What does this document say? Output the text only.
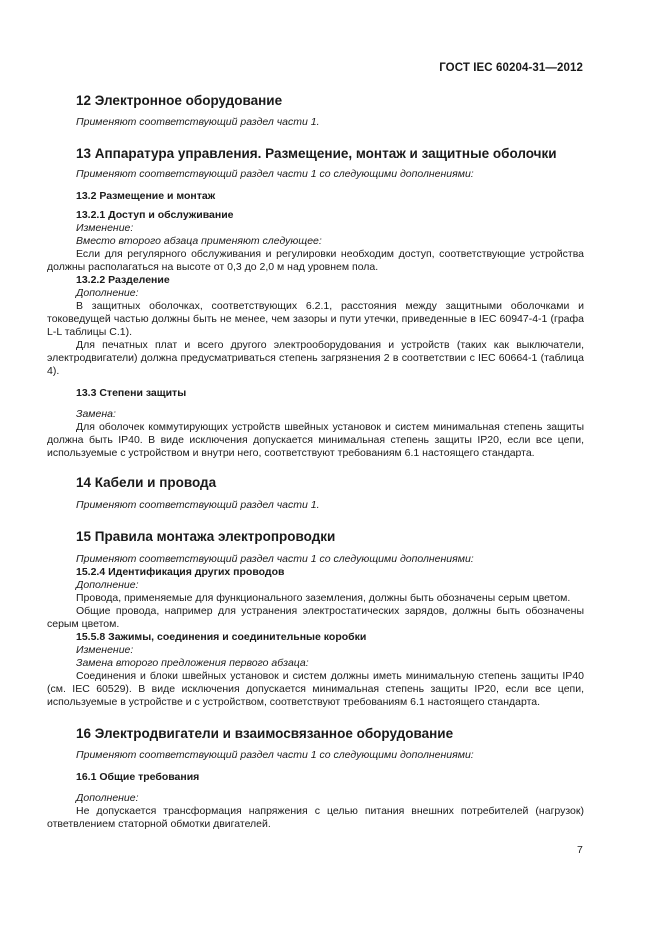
ГОСТ IEC 60204-31—2012

12 Электронное оборудование

Применяют соответствующий раздел части 1.

13 Аппаратура управления. Размещение, монтаж и защитные оболочки

Применяют соответствующий раздел части 1 со следующими дополнениями:

13.2 Размещение и монтаж

13.2.1 Доступ и обслуживание

Изменение:

Вместо второго абзаца применяют следующее:

Если для регулярного обслуживания и регулировки необходим доступ, соответствующие устройства должны располагаться на высоте от 0,3 до 2,0 м над уровнем пола.

13.2.2 Разделение

Дополнение:

В защитных оболочках, соответствующих 6.2.1, расстояния между защитными оболочками и токоведущей частью должны быть не менее, чем зазоры и пути утечки, приведенные в IEC 60947-4-1 (графа L-L таблицы С.1).

Для печатных плат и всего другого электрооборудования и устройств (таких как выключатели, электродвигатели) должна предусматриваться степень загрязнения 2 в соответствии с IEC 60664-1 (таблица 4).

13.3 Степени защиты

Замена:

Для оболочек коммутирующих устройств швейных установок и систем минимальная степень защиты должна быть IP40. В виде исключения допускается минимальная степень защиты IP20, если все цепи, используемые с устройством и внутри него, соответствуют требованиям 6.1 настоящего стандарта.

14 Кабели и провода

Применяют соответствующий раздел части 1.

15 Правила монтажа электропроводки

Применяют соответствующий раздел части 1 со следующими дополнениями:

15.2.4 Идентификация других проводов

Дополнение:

Провода, применяемые для функционального заземления, должны быть обозначены серым цветом.

Общие провода, например для устранения электростатических зарядов, должны быть обозначены серым цветом.

15.5.8 Зажимы, соединения и соединительные коробки

Изменение:

Замена второго предложения первого абзаца:

Соединения и блоки швейных установок и систем должны иметь минимальную степень защиты IP40 (см. IEC 60529). В виде исключения допускается минимальная степень защиты IP20, если все цепи, используемые в устройстве и с устройством, соответствуют требованиям 6.1 настоящего стандарта.

16 Электродвигатели и взаимосвязанное оборудование

Применяют соответствующий раздел части 1 со следующими дополнениями:

16.1 Общие требования

Дополнение:

Не допускается трансформация напряжения с целью питания внешних потребителей (нагрузок) ответвлением статорной обмотки двигателей.

7
